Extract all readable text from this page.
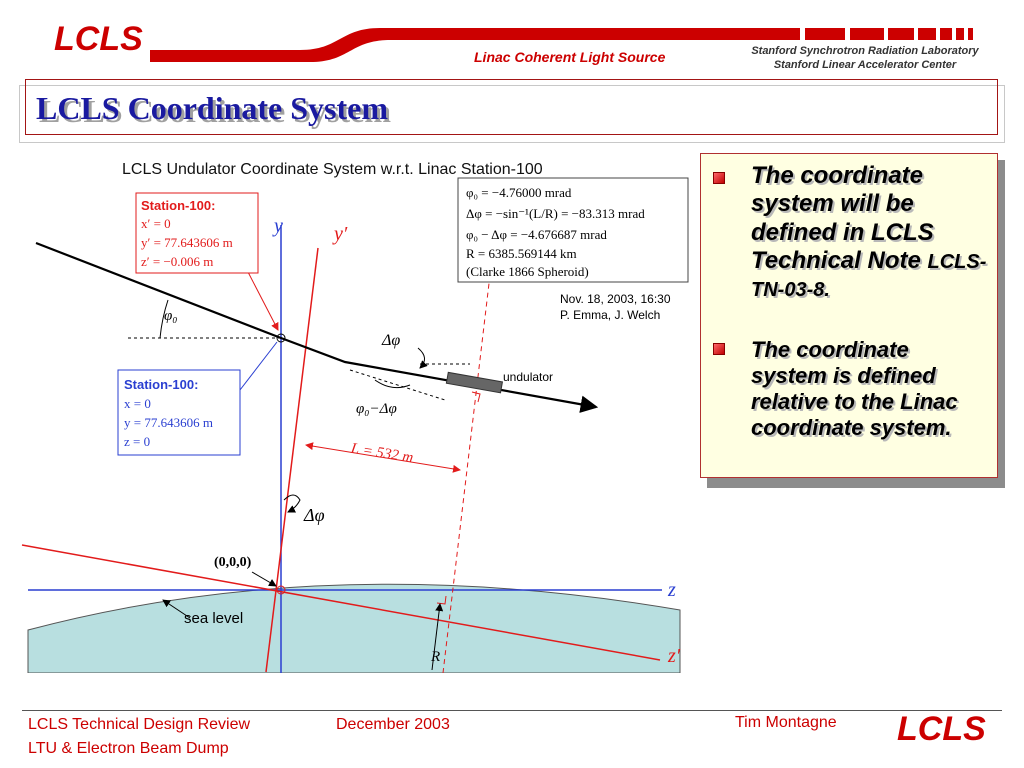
LCLS	Linac Coherent Light Source	Stanford Synchrotron Radiation Laboratory
Stanford Linear Accelerator Center
LCLS Coordinate System
LCLS Undulator Coordinate System w.r.t. Linac Station-100
φ₀ = −4.76000 mrad
Δφ = −sin⁻¹(L/R) = −83.313 mrad
φ₀ − Δφ = −4.676687 mrad
R = 6385.569144 km
(Clarke 1866 Spheroid)
Nov. 18, 2003, 16:30
P. Emma, J. Welch
Station-100:
x′ = 0
y′ = 77.643606 m
z′ = −0.006 m
Station-100:
x = 0
y = 77.643606 m
z = 0
y	y′
z
z′
φ₀
Δφ
φ₀−Δφ
Δφ
undulator
L = 532 m
(0,0,0)
sea level
R
The coordinate system will be defined in LCLS Technical Note LCLS-TN-03-8.
The coordinate system is defined relative to the Linac coordinate system.
LCLS Technical Design Review	December 2003
LTU & Electron Beam Dump
Tim Montagne LCLS
